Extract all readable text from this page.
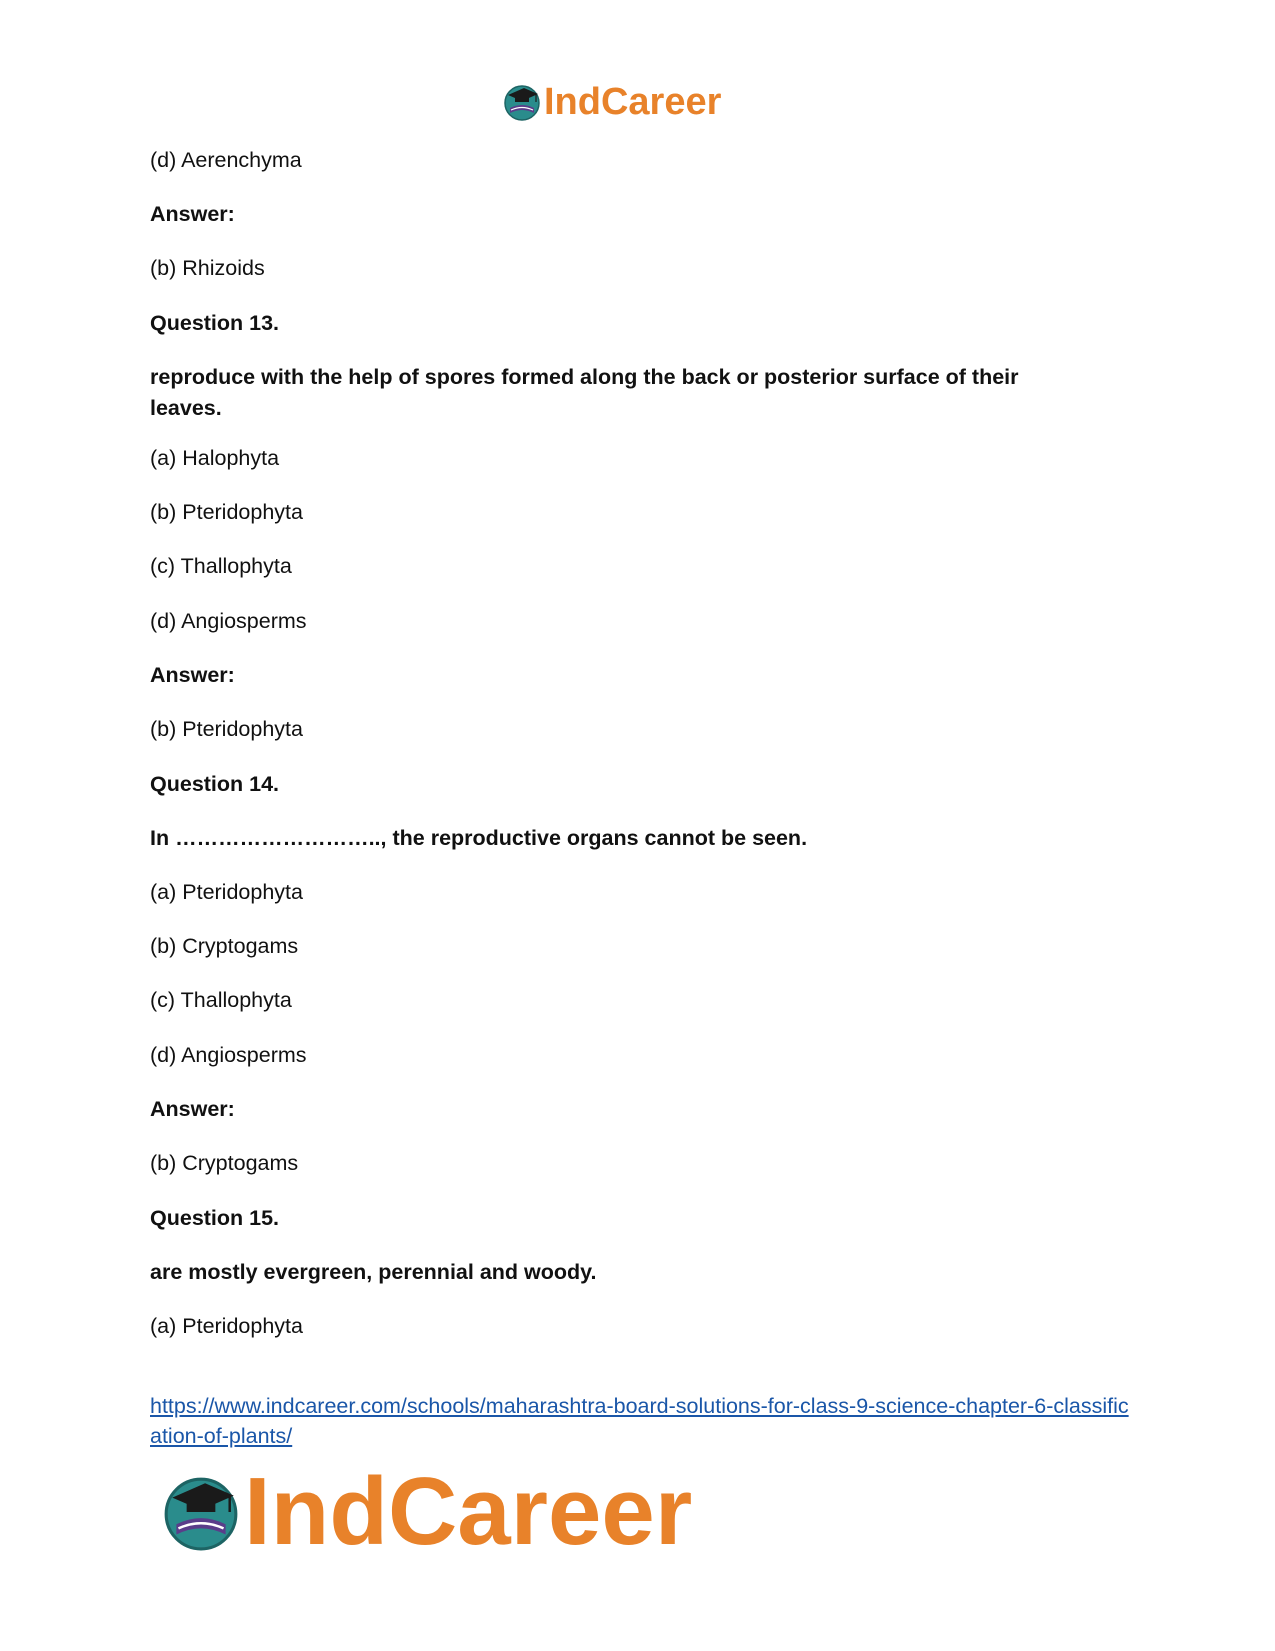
IndCareer

(d) Aerenchyma

Answer:

(b) Rhizoids

Question 13.

reproduce with the help of spores formed along the back or posterior surface of their leaves.

(a) Halophyta

(b) Pteridophyta

(c) Thallophyta

(d) Angiosperms

Answer:

(b) Pteridophyta

Question 14.

In ……………………….., the reproductive organs cannot be seen.

(a) Pteridophyta

(b) Cryptogams

(c) Thallophyta

(d) Angiosperms

Answer:

(b) Cryptogams

Question 15.

are mostly evergreen, perennial and woody.

(a) Pteridophyta

https://www.indcareer.com/schools/maharashtra-board-solutions-for-class-9-science-chapter-6-classification-of-plants/
IndCareer
